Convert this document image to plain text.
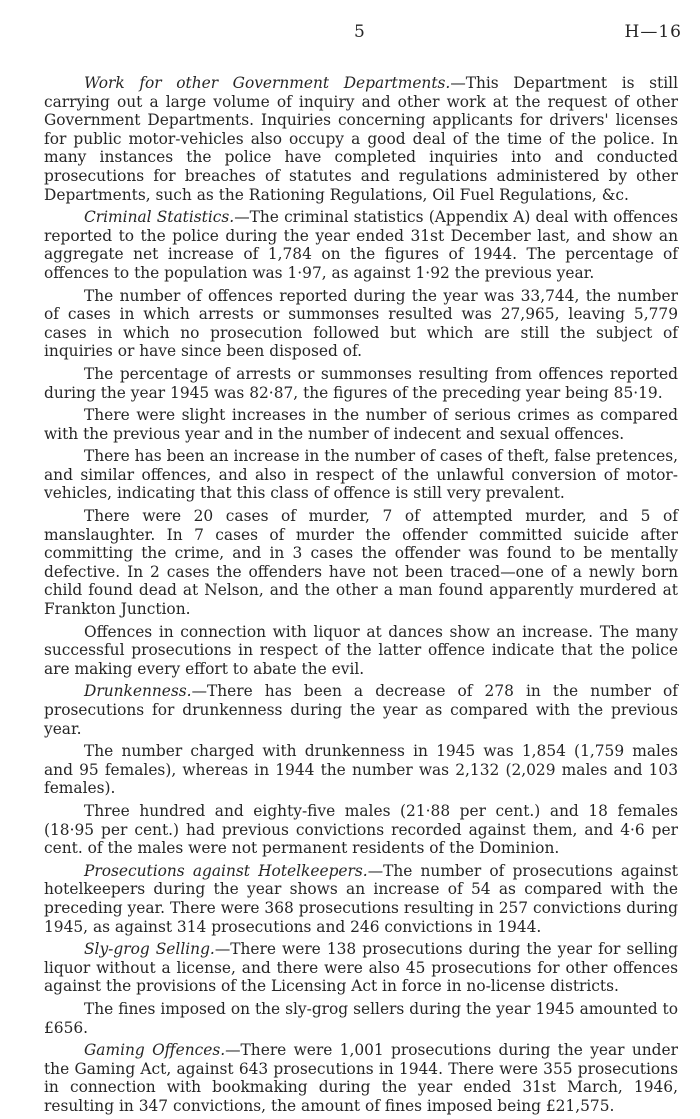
5	H—16

Work for other Government Departments.—This Department is still carrying out a large volume of inquiry and other work at the request of other Government Departments. Inquiries concerning applicants for drivers' licenses for public motor-vehicles also occupy a good deal of the time of the police. In many instances the police have completed inquiries into and conducted prosecutions for breaches of statutes and regulations administered by other Departments, such as the Rationing Regulations, Oil Fuel Regulations, &c.

Criminal Statistics.—The criminal statistics (Appendix A) deal with offences reported to the police during the year ended 31st December last, and show an aggregate net increase of 1,784 on the figures of 1944. The percentage of offences to the population was 1·97, as against 1·92 the previous year.

The number of offences reported during the year was 33,744, the number of cases in which arrests or summonses resulted was 27,965, leaving 5,779 cases in which no prosecution followed but which are still the subject of inquiries or have since been disposed of.

The percentage of arrests or summonses resulting from offences reported during the year 1945 was 82·87, the figures of the preceding year being 85·19.

There were slight increases in the number of serious crimes as compared with the previous year and in the number of indecent and sexual offences.

There has been an increase in the number of cases of theft, false pretences, and similar offences, and also in respect of the unlawful conversion of motor-vehicles, indicating that this class of offence is still very prevalent.

There were 20 cases of murder, 7 of attempted murder, and 5 of manslaughter. In 7 cases of murder the offender committed suicide after committing the crime, and in 3 cases the offender was found to be mentally defective. In 2 cases the offenders have not been traced—one of a newly born child found dead at Nelson, and the other a man found apparently murdered at Frankton Junction.

Offences in connection with liquor at dances show an increase. The many successful prosecutions in respect of the latter offence indicate that the police are making every effort to abate the evil.

Drunkenness.—There has been a decrease of 278 in the number of prosecutions for drunkenness during the year as compared with the previous year.

The number charged with drunkenness in 1945 was 1,854 (1,759 males and 95 females), whereas in 1944 the number was 2,132 (2,029 males and 103 females).

Three hundred and eighty-five males (21·88 per cent.) and 18 females (18·95 per cent.) had previous convictions recorded against them, and 4·6 per cent. of the males were not permanent residents of the Dominion.

Prosecutions against Hotelkeepers.—The number of prosecutions against hotelkeepers during the year shows an increase of 54 as compared with the preceding year. There were 368 prosecutions resulting in 257 convictions during 1945, as against 314 prosecutions and 246 convictions in 1944.

Sly-grog Selling.—There were 138 prosecutions during the year for selling liquor without a license, and there were also 45 prosecutions for other offences against the provisions of the Licensing Act in force in no-license districts.

The fines imposed on the sly-grog sellers during the year 1945 amounted to £656.

Gaming Offences.—There were 1,001 prosecutions during the year under the Gaming Act, against 643 prosecutions in 1944. There were 355 prosecutions in connection with bookmaking during the year ended 31st March, 1946, resulting in 347 convictions, the amount of fines imposed being £21,575.
